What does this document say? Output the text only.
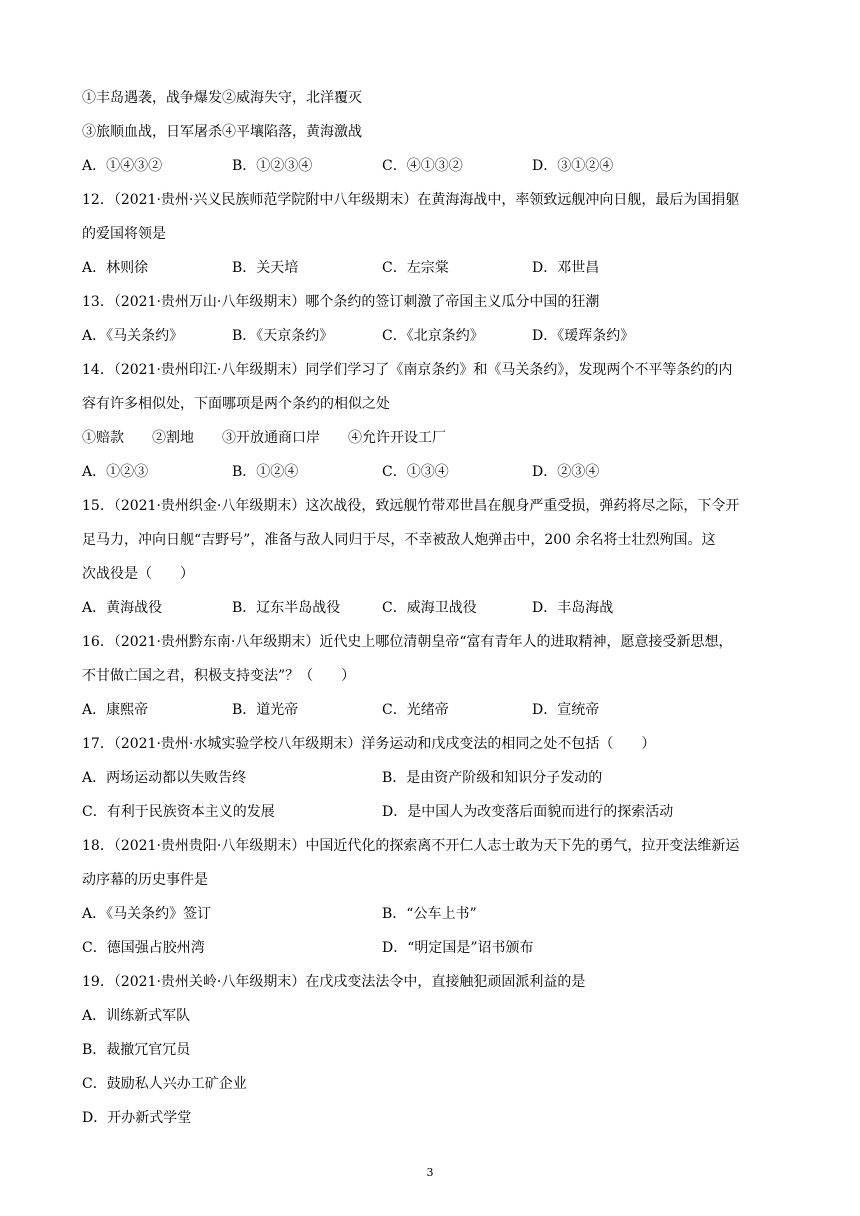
①丰岛遇袭，战争爆发②威海失守，北洋覆灭
③旅顺血战，日军屠杀④平壤陷落，黄海激战
A．①④③②	B．①②③④	C．④①③②	D．③①②④
12．（2021·贵州·兴义民族师范学院附中八年级期末）在黄海海战中，率领致远舰冲向日舰，最后为国捐躯
的爱国将领是
A．林则徐	B．关天培	C．左宗棠	D．邓世昌
13．（2021·贵州万山·八年级期末）哪个条约的签订刺激了帝国主义瓜分中国的狂潮
A．《马关条约》	B．《天京条约》	C．《北京条约》	D．《瑷珲条约》
14．（2021·贵州印江·八年级期末）同学们学习了《南京条约》和《马关条约》，发现两个不平等条约的内
容有许多相似处，下面哪项是两个条约的相似之处
①赔款　　②割地　　③开放通商口岸　　④允许开设工厂
A．①②③	B．①②④	C．①③④	D．②③④
15．（2021·贵州织金·八年级期末）这次战役，致远舰竹带邓世昌在舰身严重受损，弹药将尽之际，下令开
足马力，冲向日舰“吉野号”，准备与敌人同归于尽，不幸被敌人炮弹击中，200 余名将士壮烈殉国。这
次战役是（　　）
A．黄海战役	B．辽东半岛战役	C．威海卫战役	D．丰岛海战
16．（2021·贵州黔东南·八年级期末）近代史上哪位清朝皇帝“富有青年人的进取精神，愿意接受新思想，
不甘做亡国之君，积极支持变法”？（　　）
A．康熙帝	B．道光帝	C．光绪帝	D．宣统帝
17．（2021·贵州·水城实验学校八年级期末）洋务运动和戊戌变法的相同之处不包括（　　）
A．两场运动都以失败告终	B．是由资产阶级和知识分子发动的
C．有利于民族资本主义的发展	D．是中国人为改变落后面貌而进行的探索活动
18．（2021·贵州贵阳·八年级期末）中国近代化的探索离不开仁人志士敢为天下先的勇气，拉开变法维新运
动序幕的历史事件是
A．《马关条约》签订	B．“公车上书”
C．德国强占胶州湾	D．“明定国是”诏书颁布
19．（2021·贵州关岭·八年级期末）在戊戌变法法令中，直接触犯顽固派利益的是
A．训练新式军队
B．裁撤冗官冗员
C．鼓励私人兴办工矿企业
D．开办新式学堂
3
